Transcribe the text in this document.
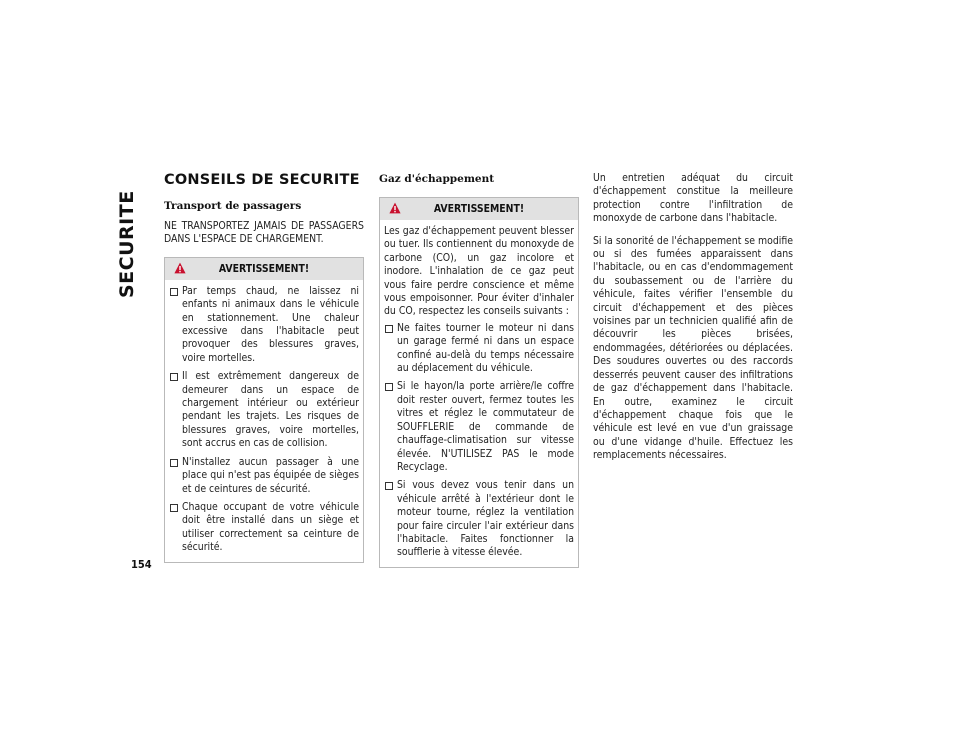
SECURITE
154
CONSEILS DE SECURITE
Transport de passagers

NE TRANSPORTEZ JAMAIS DE PASSAGERS DANS L'ESPACE DE CHARGEMENT.

AVERTISSEMENT!
Par temps chaud, ne laissez ni enfants ni animaux dans le véhicule en stationnement. Une chaleur excessive dans l'habitacle peut provoquer des blessures graves, voire mortelles.
Il est extrêmement dangereux de demeurer dans un espace de chargement intérieur ou extérieur pendant les trajets. Les risques de blessures graves, voire mortelles, sont accrus en cas de collision.
N'installez aucun passager à une place qui n'est pas équipée de sièges et de ceintures de sécurité.
Chaque occupant de votre véhicule doit être installé dans un siège et utiliser correctement sa ceinture de sécurité.
Gaz d'échappement
AVERTISSEMENT!

Les gaz d'échappement peuvent blesser ou tuer. Ils contiennent du monoxyde de carbone (CO), un gaz incolore et inodore. L'inhalation de ce gaz peut vous faire perdre conscience et même vous empoisonner. Pour éviter d'inhaler du CO, respectez les conseils suivants :

Ne faites tourner le moteur ni dans un garage fermé ni dans un espace confiné au-delà du temps nécessaire au déplacement du véhicule.
Si le hayon/la porte arrière/le coffre doit rester ouvert, fermez toutes les vitres et réglez le commutateur de SOUFFLERIE de commande de chauffage-climatisation sur vitesse élevée. N'UTILISEZ PAS le mode Recyclage.
Si vous devez vous tenir dans un véhicule arrêté à l'extérieur dont le moteur tourne, réglez la ventilation pour faire circuler l'air extérieur dans l'habitacle. Faites fonctionner la soufflerie à vitesse élevée.

Un entretien adéquat du circuit d'échappement constitue la meilleure protection contre l'infiltration de monoxyde de carbone dans l'habitacle.

Si la sonorité de l'échappement se modifie ou si des fumées apparaissent dans l'habitacle, ou en cas d'endommagement du soubassement ou de l'arrière du véhicule, faites vérifier l'ensemble du circuit d'échappement et des pièces voisines par un technicien qualifié afin de découvrir les pièces brisées, endommagées, détériorées ou déplacées. Des soudures ouvertes ou des raccords desserrés peuvent causer des infiltrations de gaz d'échappement dans l'habitacle. En outre, examinez le circuit d'échappement chaque fois que le véhicule est levé en vue d'un graissage ou d'une vidange d'huile. Effectuez les remplacements nécessaires.
